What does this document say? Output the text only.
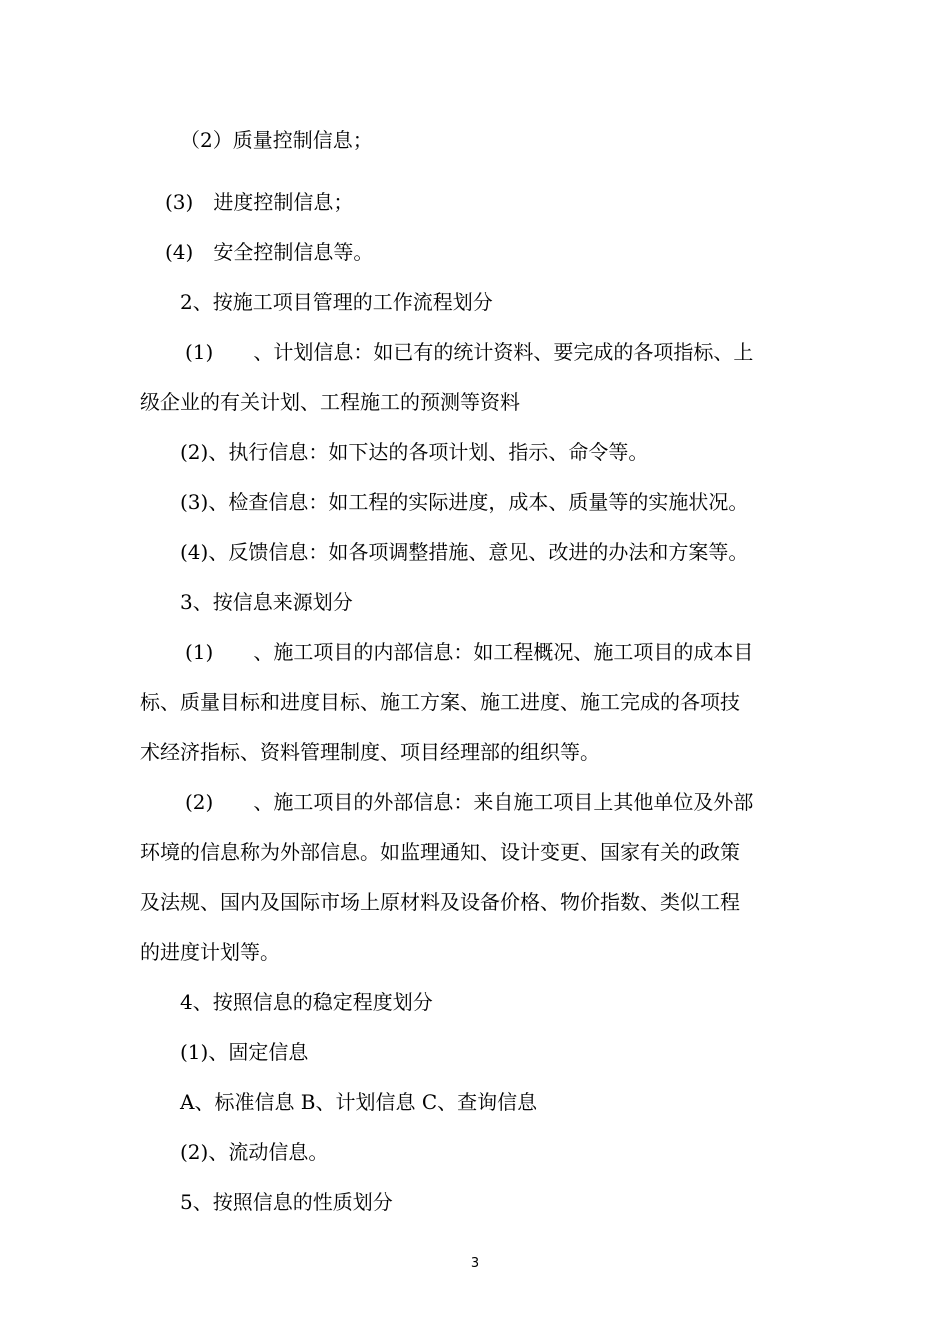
（2）质量控制信息；
(3)　进度控制信息；
(4)　安全控制信息等。
2、按施工项目管理的工作流程划分
(1)　　、计划信息：如已有的统计资料、要完成的各项指标、上
级企业的有关计划、工程施工的预测等资料
(2)、执行信息：如下达的各项计划、指示、命令等。
(3)、检查信息：如工程的实际进度，成本、质量等的实施状况。
(4)、反馈信息：如各项调整措施、意见、改进的办法和方案等。
3、按信息来源划分
(1)　　、施工项目的内部信息：如工程概况、施工项目的成本目
标、质量目标和进度目标、施工方案、施工进度、施工完成的各项技
术经济指标、资料管理制度、项目经理部的组织等。
(2)　　、施工项目的外部信息：来自施工项目上其他单位及外部
环境的信息称为外部信息。如监理通知、设计变更、国家有关的政策
及法规、国内及国际市场上原材料及设备价格、物价指数、类似工程
的进度计划等。
4、按照信息的稳定程度划分
(1)、固定信息
A、标准信息 B、计划信息 C、查询信息
(2)、流动信息。
5、按照信息的性质划分
3
